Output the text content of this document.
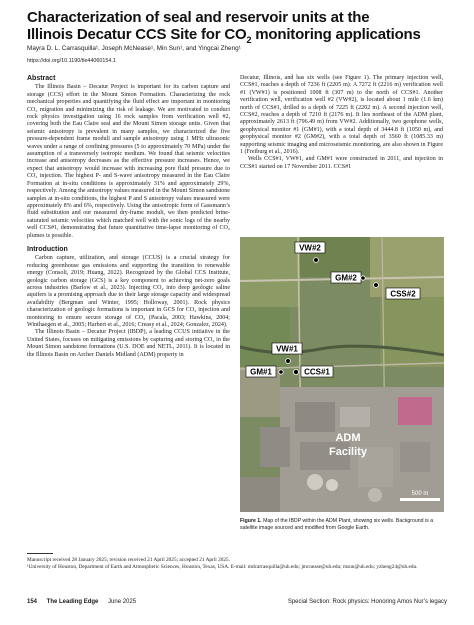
Characterization of seal and reservoir units at the
Illinois Decatur CCS Site for $CO_2$ monitoring applications
Mayra D. L. Carrasquilla¹, Joseph McNease¹, Min Sun¹, and Yingcai Zheng¹
https://doi.org/10.1190/tle44060154.1
Abstract

The Illinois Basin – Decatur Project is important for its carbon capture and storage (CCS) effort in the Mount Simon Formation. Characterizing the rock mechanical properties and quantifying the fluid effect are important in monitoring CO₂ migration and minimizing the risk of leakage. We are motivated to conduct rock physics investigation using 16 rock samples from verification well #2, covering both the Eau Claire seal and the Mount Simon storage units. Given that seismic anisotropy is prevalent in many samples, we characterized the five pressure-dependent frame moduli and sample anisotropy using 1 MHz ultrasonic waves under a range of confining pressures (5 to approximately 70 MPa) under the assumption of a transversely isotropic medium. We found that seismic velocities increase and anisotropy decreases as the effective pressure increases. Hence, we expect that anisotropy would increase with increasing pore fluid pressure due to CO₂ injection. The highest P- and S-wave anisotropy measured in the Eau Claire Formation at in-situ conditions is approximately 31% and approximately 29%, respectively. Among the anisotropy values measured in the Mount Simon sandstone samples at in-situ conditions, the highest P and S anisotropy values measured were approximately 8% and 6%, respectively. Using the anisotropic form of Gassmann’s fluid substitution and our measured dry-frame moduli, we then predicted brine-saturated seismic velocities which matched well with the sonic logs of the nearby well CCS#1, demonstrating that future quantitative time-lapse monitoring of CO₂ plumes is possible.

Introduction

Carbon capture, utilization, and storage (CCUS) is a crucial strategy for reducing greenhouse gas emissions and supporting the transition to renewable energy (Consoli, 2019; Huang, 2022). Recognized by the Global CCS Institute, geologic carbon storage (GCS) is a key component to achieving net-zero goals across industries (Barlow et al., 2023). Injecting CO₂ into deep geologic saline aquifers is a promising approach due to their large storage capacity and widespread availability (Bergman and Winter, 1995; Holloway, 2001). Rock physics characterization of geologic formations is important in GCS for CO₂ injection and monitoring to ensure secure storage of CO₂ (Pacala, 2003; Hawkins, 2004; Winthaegen et al., 2005; Harbert et al., 2016; Creasy et al., 2024; Gonzalez, 2024).

The Illinois Basin – Decatur Project (IBDP), a leading CCUS initiative in the United States, focuses on mitigating emissions by capturing and storing CO₂ in the Mount Simon sandstone formations (U.S. DOE and NETL, 2011). It is located in the Illinois Basin on Archer Daniels Midland (ADM) property in

Decatur, Illinois, and has six wells (see Figure 1). The primary injection well, CCS#1, reaches a depth of 7236 ft (2205 m). A 7272 ft (2216 m) verification well #1 (VW#1) is positioned 1008 ft (307 m) to the north of CCS#1. Another verification well, verification well #2 (VW#2), is located about 1 mile (1.6 km) north of CCS#1, drilled to a depth of 7225 ft (2202 m). A second injection well, CCS#2, reaches a depth of 7210 ft (2176 m). It lies northeast of the ADM plant, approximately 2613 ft (796.49 m) from VW#2. Additionally, two geophone wells, geophysical monitor #1 (GM#1), with a total depth of 3444.8 ft (1050 m), and geophysical monitor #2 (GM#2), with a total depth of 3560 ft (1085.33 m) supporting seismic imaging and microseismic monitoring, are also shown in Figure 1 (Freiburg et al., 2016).

Wells CCS#1, VW#1, and GM#1 were constructed in 2011, and injection in CCS#1 started on 17 November 2011. CCS#1

VW#2
GM#2
CSS#2
VW#1
GM#1	CCS#1
ADM
Facility
500 m
Figure 1. Map of the IBDP within the ADM Plant, showing six wells. Background is a satellite image sourced and modified from Google Earth.
Manuscript received 28 January 2025; revision received 21 April 2025; accepted 21 April 2025.
¹University of Houston, Department of Earth and Atmospheric Sciences, Houston, Texas, USA. E-mail: mdcarrasquilla@uh.edu; jmcnease@uh.edu; msun@uh.edu; yzheng24@uh.edu.
154 The Leading Edge June 2025	Special Section: Rock physics: Honoring Amos Nur’s legacy
